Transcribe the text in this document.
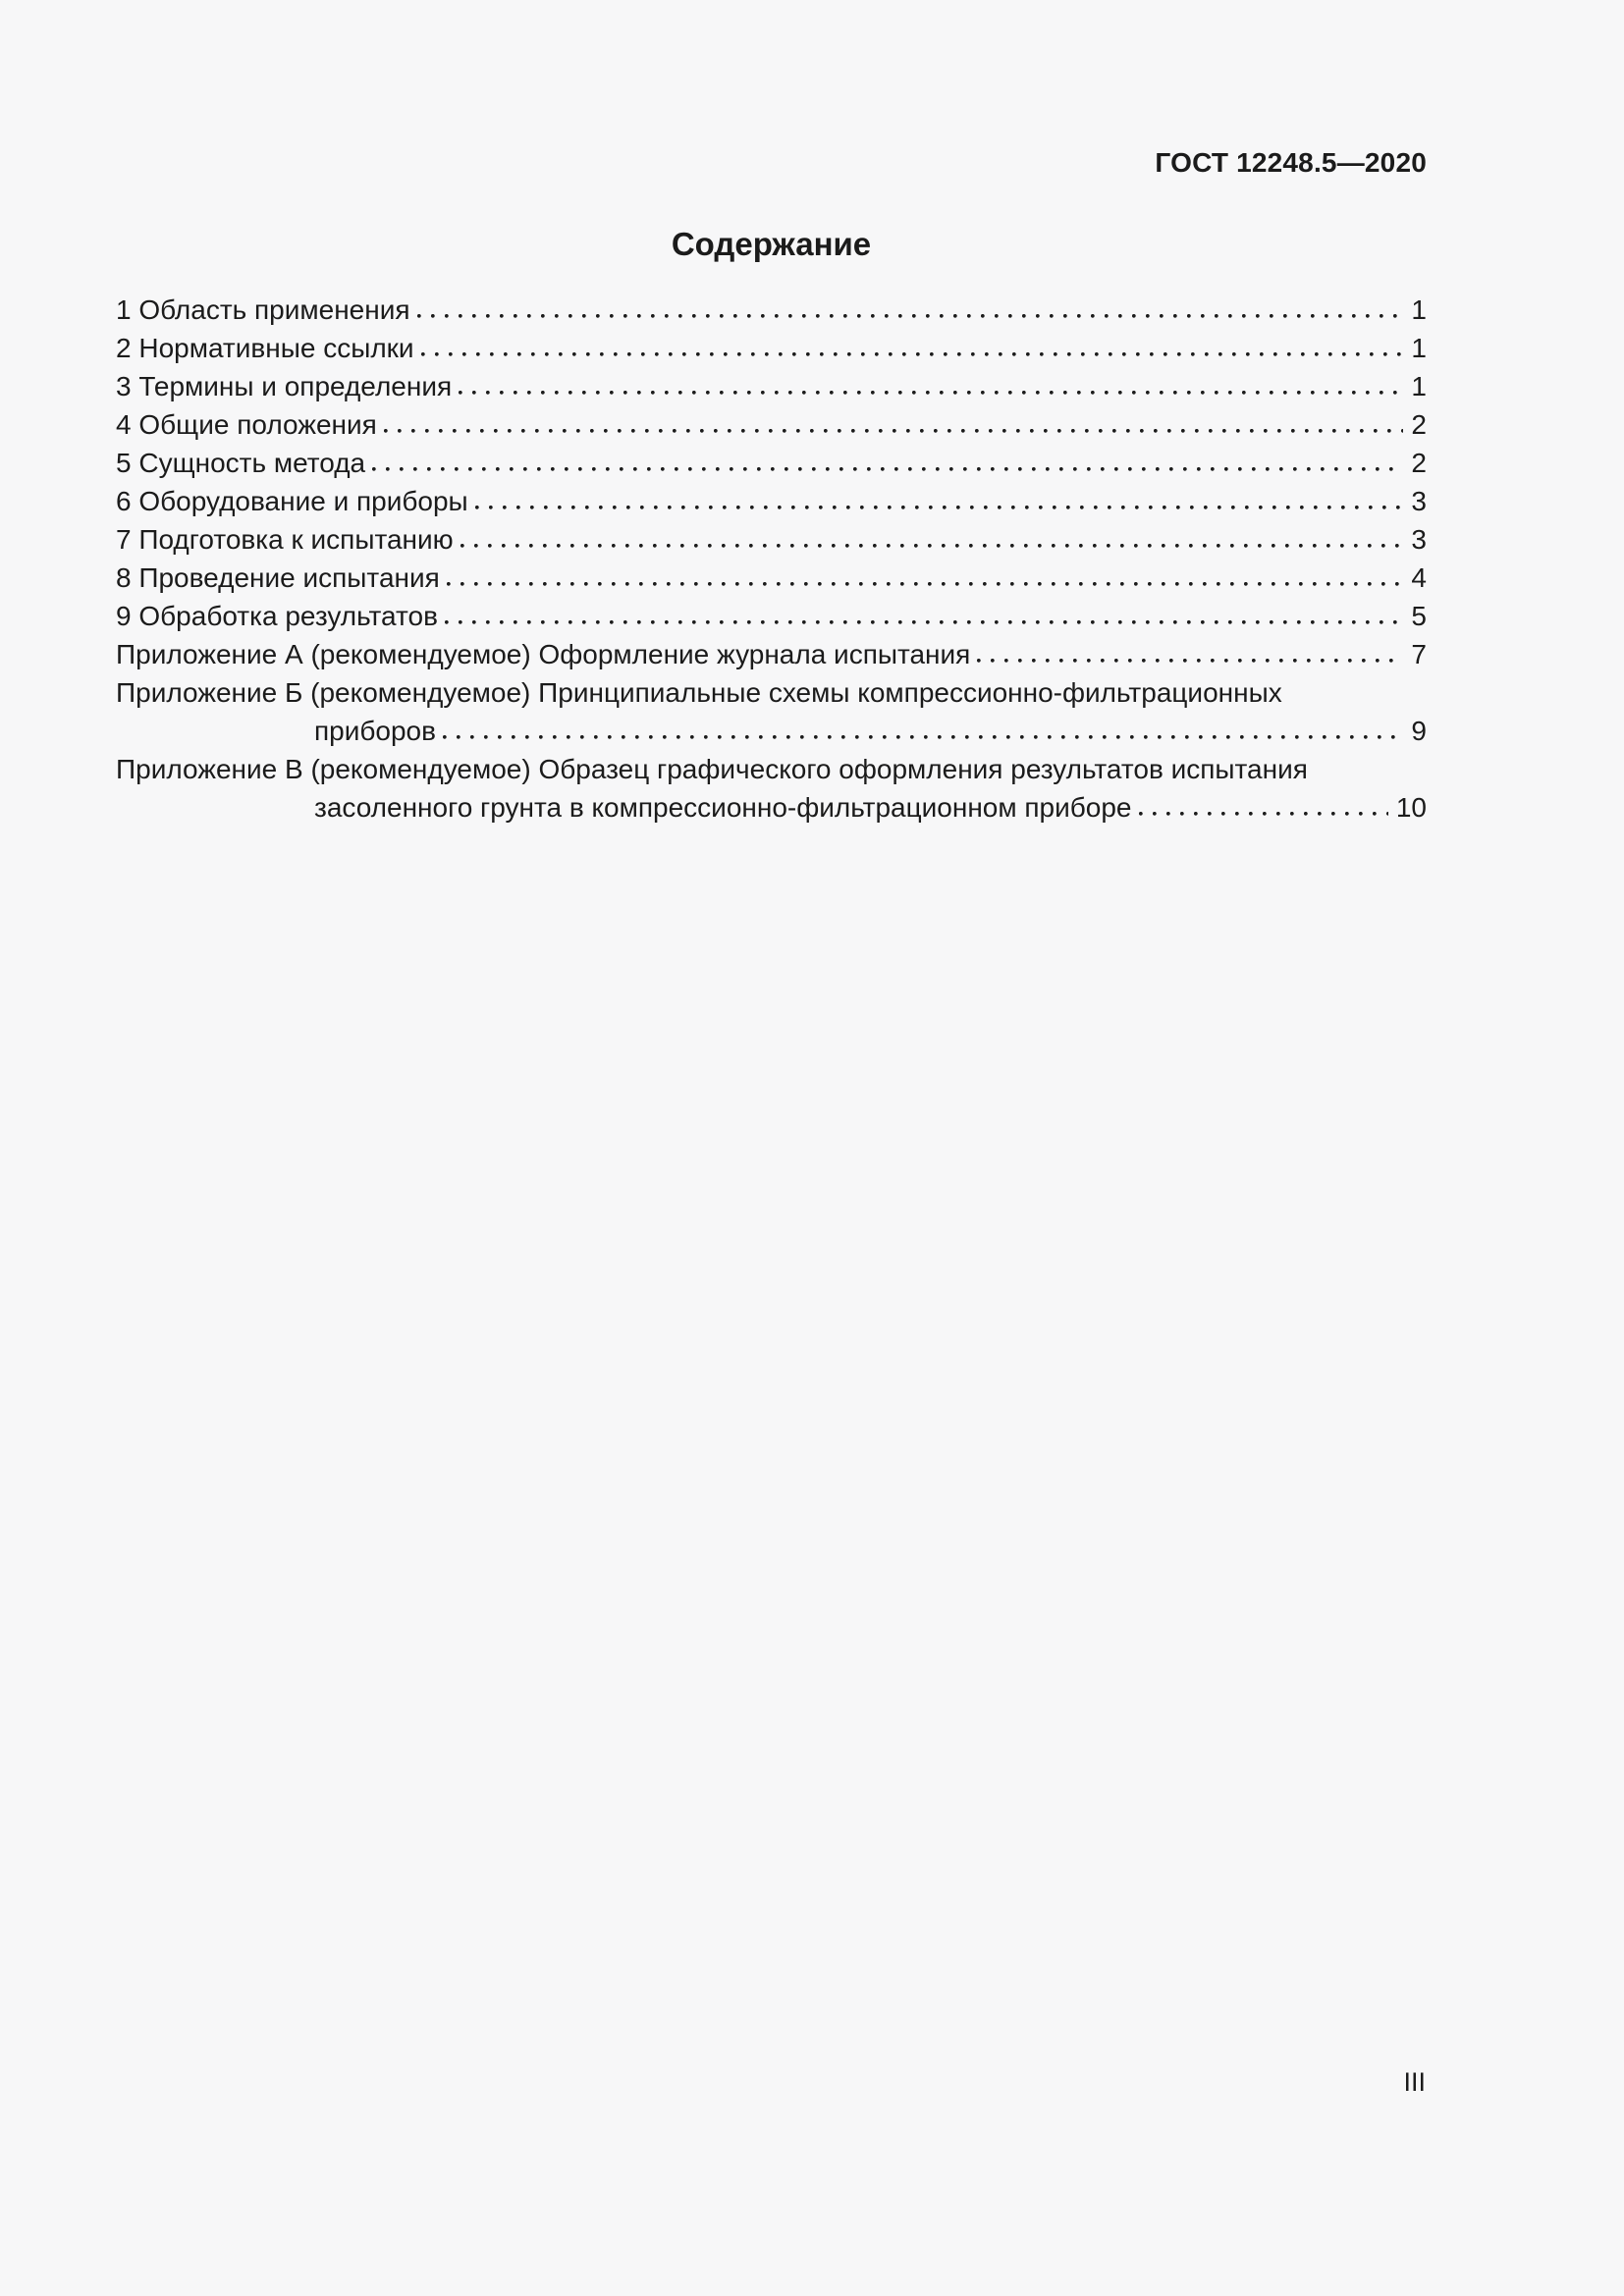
ГОСТ 12248.5—2020
Содержание
1 Область применения	1
2 Нормативные ссылки	1
3 Термины и определения	1
4 Общие положения	2
5 Сущность метода	2
6 Оборудование и приборы	3
7 Подготовка к испытанию	3
8 Проведение испытания	4
9 Обработка результатов	5
Приложение А (рекомендуемое) Оформление журнала испытания	7
Приложение Б (рекомендуемое) Принципиальные схемы компрессионно-фильтрационных
приборов	9
Приложение В (рекомендуемое) Образец графического оформления результатов испытания
засоленного грунта в компрессионно-фильтрационном приборе	10
III
